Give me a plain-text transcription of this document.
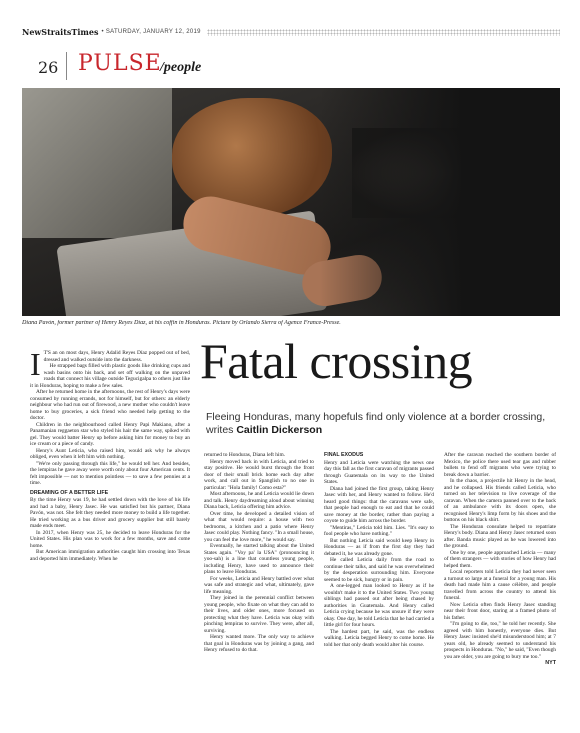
NewStraitsTimes • SATURDAY, JANUARY 12, 2019
26 PULSE
/people
Diana Pavón, former partner of Henry Reyes Díaz, at his coffin in Honduras. Picture by Orlando Sierra of Agence France-Presse.
Fatal crossing
Fleeing Honduras, many hopefuls find only violence at a border crossing, writes Caitlin Dickerson
I T'S an on most days, Henry Adalid Reyes Díaz popped out of bed, dressed and walked outside into the darkness.

He strapped bags filled with plastic goods like drinking cups and wash basins onto his back, and set off walking on the unpaved roads that connect his village outside Tegucigalpa to others just like it in Honduras, hoping to make a few sales.

After he returned home in the afternoons, the rest of Henry's days were consumed by running errands, not for himself, but for others: an elderly neighbour who had run out of firewood, a new mother who couldn't leave home to buy groceries, a sick friend who needed help getting to the doctor.

Children in the neighbourhood called Henry Papi Makiano, after a Panamanian reggaeton star who styled his hair the same way, spiked with gel. They would batter Henry up before asking him for money to buy an ice cream or a piece of candy.

Henry's Aunt Leticia, who raised him, would ask why he always obliged, even when it left him with nothing.

"We're only passing through this life," he would tell her. And besides, the lempiras he gave away were worth only about four American cents. It felt impossible — not to mention pointless — to save a few pennies at a time.

DREAMING OF A BETTER LIFE

By the time Henry was 19, he had settled down with the love of his life and had a baby, Henry Jasec. He was satisfied but his partner, Diana Pavón, was not. She felt they needed more money to build a life together. He tried working as a bus driver and grocery supplier but still barely made ends meet.

In 2017, when Henry was 25, he decided to leave Honduras for the United States. His plan was to work for a few months, save and come home.

But American immigration authorities caught him crossing into Texas and deported him immediately. When he

returned to Honduras, Diana left him.

Henry moved back in with Leticia, and tried to stay positive. He would burst through the front door of their small brick home each day after work, and call out in Spanglish to no one in particular: "Hola family! Como esta?"

Most afternoons, he and Leticia would lie down and talk. Henry daydreaming aloud about winning Diana back, Leticia offering him advice.

Over time, he developed a detailed vision of what that would require: a house with two bedrooms, a kitchen and a patio where Henry Jasec could play. Nothing fancy. "In a small house, you can feel the love more," he would say.

Eventually, he started talking about the United States again. "Voy pa' la USA" (pronouncing it yoo-sah) is a line that countless young people, including Henry, have used to announce their plans to leave Honduras.

For weeks, Leticia and Henry battled over what was safe and strategic and what, ultimately, gave life meaning.

They joined in the perennial conflict between young people, who fixate on what they can add to their lives, and older ones, more focused on protecting what they have. Leticia was okay with pinching lempiras to survive. They were, after all, surviving.

Henry wanted more. The only way to achieve that goal in Honduras was by joining a gang, and Henry refused to do that.

FINAL EXODUS

Henry and Leticia were watching the news one day this fall as the first caravan of migrants passed through Guatemala on its way to the United States.

Diana had joined the first group, taking Henry Jasec with her, and Henry wanted to follow. He'd heard good things: that the caravans were safe, that people had enough to eat and that he could save money at the border, rather than paying a coyote to guide him across the border.

"Mentiras," Leticia told him. Lies. "It's easy to fool people who have nothing."

But nothing Leticia said would keep Henry in Honduras — as if from the first day they had debated it, he was already gone.

He called Leticia daily from the road to continue their talks, and said he was overwhelmed by the desperation surrounding him. Everyone seemed to be sick, hungry or in pain.

A one-legged man looked to Henry as if he wouldn't make it to the United States. Two young siblings had passed out after being chased by authorities in Guatemala. And Henry called Leticia crying because he was unsure if they were okay. One day, he told Leticia that he had carried a little girl for four hours.

The hardest part, he said, was the endless walking. Leticia begged Henry to come home. He told her that only death would alter his course.

After the caravan reached the southern border of Mexico, the police there used tear gas and rubber bullets to fend off migrants who were trying to break down a barrier.

In the chaos, a projectile hit Henry in the head, and he collapsed. His friends called Leticia, who turned on her television to live coverage of the caravan. When the camera panned over to the back of an ambulance with its doors open, she recognised Henry's limp form by his shoes and the buttons on his black shirt.

The Honduran consulate helped to repatriate Henry's body. Diana and Henry Jasec returned soon after. Banda music played as he was lowered into the ground.

One by one, people approached Leticia — many of them strangers — with stories of how Henry had helped them.

Local reporters told Leticia they had never seen a turnout so large at a funeral for a young man. His death had made him a cause célèbre, and people travelled from across the country to attend his funeral.

Now Leticia often finds Henry Jasec standing near their front door, staring at a framed photo of his father.

"I'm going to die, too," he told her recently. She agreed with him honestly, everyone dies. But Henry Jasec insisted she'd misunderstood him; at 7 years old, he already seemed to understand his prospects in Honduras. "No," he said, "Even though you are older, you are going to bury me too."
NYT
